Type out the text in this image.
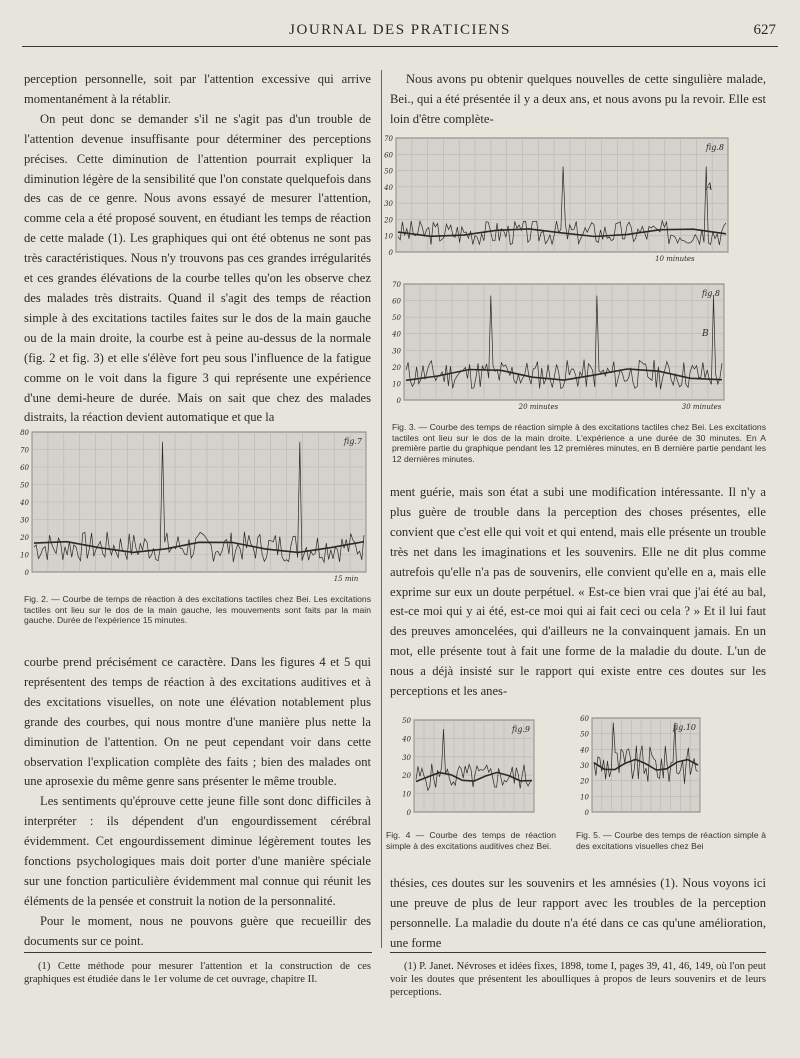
JOURNAL DES PRATICIENS	627

perception personnelle, soit par l'attention excessive qui arrive momentanément à la rétablir.

On peut donc se demander s'il ne s'agit pas d'un trouble de l'attention devenue insuffisante pour déterminer des perceptions précises. Cette diminution de l'attention pourrait expliquer la diminution légère de la sensibilité que l'on constate quelquefois dans des cas de ce genre. Nous avons essayé de mesurer l'attention, comme cela a été proposé souvent, en étudiant les temps de réaction de cette malade (1). Les graphiques qui ont été obtenus ne sont pas très caractéristiques. Nous n'y trouvons pas ces grandes irrégularités et ces grandes élévations de la courbe telles qu'on les observe chez des malades très distraits. Quand il s'agit des temps de réaction simple à des excitations tactiles faites sur le dos de la main gauche ou de la main droite, la courbe est à peine au-dessus de la normale (fig. 2 et fig. 3) et elle s'élève fort peu sous l'influence de la fatigue comme on le voit dans la figure 3 qui représente une expérience d'une demi-heure de durée. Mais on sait que chez des malades distraits, la réaction devient automatique et que la

80
70
60
50
40
30
20
10
0
fig.7
15 min
Fig. 2. — Courbe de temps de réaction à des excitations tactiles chez Bei. Les excitations tactiles ont lieu sur le dos de la main gauche, les mouvements sont faits par la main gauche. Durée de l'expérience 15 minutes.

courbe prend précisément ce caractère. Dans les figures 4 et 5 qui représentent des temps de réaction à des excitations auditives et à des excitations visuelles, on note une élévation notablement plus grande des courbes, qui nous montre d'une manière plus nette la diminution de l'attention. On ne peut cependant voir dans cette observation l'explication complète des faits ; bien des malades ont une aprosexie du même genre sans présenter le même trouble.

Les sentiments qu'éprouve cette jeune fille sont donc difficiles à interpréter : ils dépendent d'un engourdissement cérébral évidemment. Cet engourdissement diminue légèrement toutes les fonctions psychologiques mais doit porter d'une manière spéciale sur une fonction particulière évidemment mal connue qui réunit les éléments de la pensée et construit la notion de la personnalité.

Pour le moment, nous ne pouvons guère que recueillir des documents sur ce point.

Nous avons pu obtenir quelques nouvelles de cette singulière malade, Bei., qui a été présentée il y a deux ans, et nous avons pu la revoir. Elle est loin d'être complète-

70
60
50
40
30
20
10
0
fig.8
A
10 minutes
70
60
50
40
30
20
10
0
fig.8
B
20 minutes	30 minutes
Fig. 3. — Courbe des temps de réaction simple à des excitations tactiles chez Bei. Les excitations tactiles ont lieu sur le dos de la main droite. L'expérience a une durée de 30 minutes. En A première partie du graphique pendant les 12 premières minutes, en B dernière partie pendant les 12 dernières minutes.

ment guérie, mais son état a subi une modification intéressante. Il n'y a plus guère de trouble dans la perception des choses présentes, elle convient que c'est elle qui voit et qui entend, mais elle présente un trouble très net dans les imaginations et les souvenirs. Elle ne dit plus comme autrefois qu'elle n'a pas de souvenirs, elle convient qu'elle en a, mais elle exprime sur eux un doute perpétuel. « Est-ce bien vrai que j'ai été au bal, est-ce moi qui y ai été, est-ce moi qui ai fait ceci ou cela ? » Et il lui faut des preuves amoncelées, qui d'ailleurs ne la convainquent jamais. En un mot, elle présente tout à fait une forme de la maladie du doute. L'un de nous a déjà insisté sur le rapport qui existe entre ces doutes sur les perceptions et les anes-

50
40
30
20
10
0
fig.9
Fig. 4 — Courbe des temps de réaction simple à des excitations auditives chez Bei.
60
50
40
30
20
10
0
fig.10
Fig. 5. — Courbe des temps de réaction simple à des excitations visuelles chez Bei

thésies, ces doutes sur les souvenirs et les amnésies (1). Nous voyons ici une preuve de plus de leur rapport avec les troubles de la perception personnelle. La maladie du doute n'a été dans ce cas qu'une amélioration, une forme

(1) Cette méthode pour mesurer l'attention et la construction de ces graphiques est étudiée dans le 1er volume de cet ouvrage, chapitre II.

(1) P. Janet. Névroses et idées fixes, 1898, tome I, pages 39, 41, 46, 149, où l'on peut voir les doutes que présentent les aboulliques à propos de leurs souvenirs et de leurs perceptions.
